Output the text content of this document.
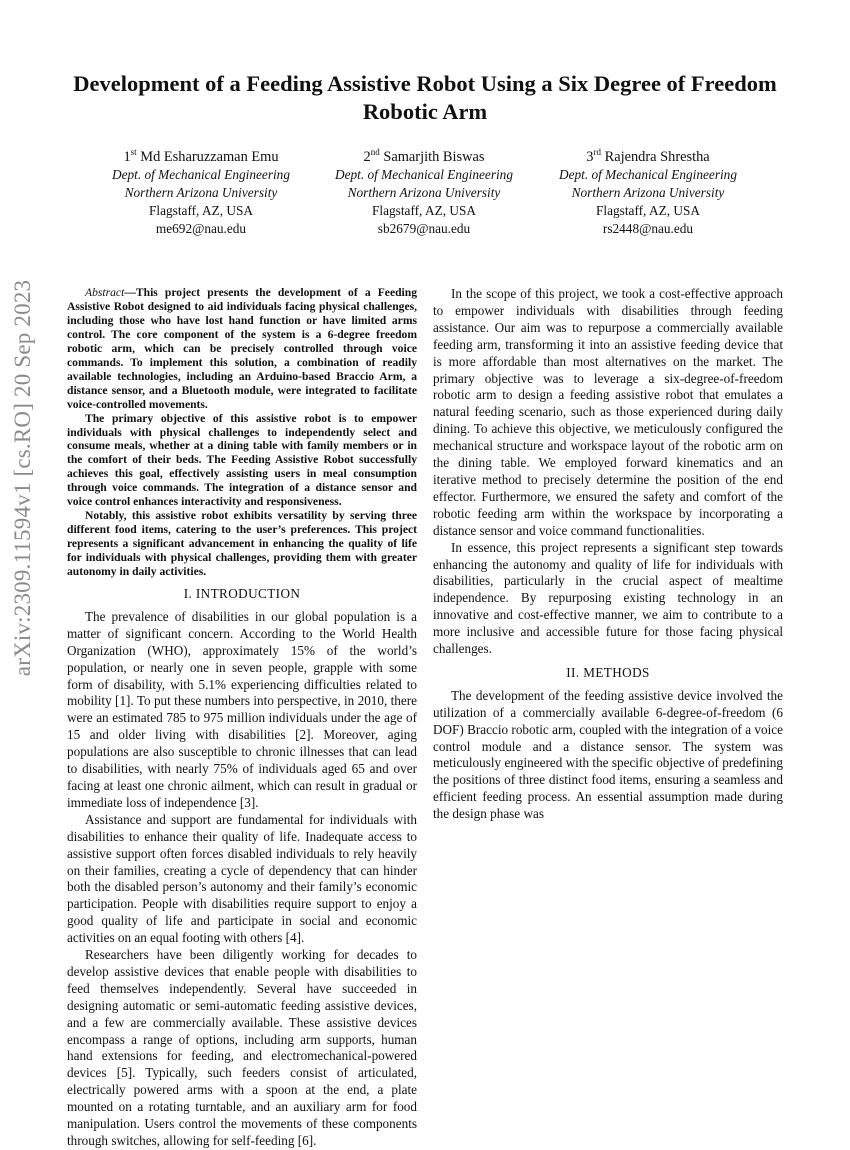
arXiv:2309.11594v1 [cs.RO] 20 Sep 2023
Development of a Feeding Assistive Robot Using a Six Degree of Freedom Robotic Arm
1st Md Esharuzzaman Emu
Dept. of Mechanical Engineering
Northern Arizona University
Flagstaff, AZ, USA
me692@nau.edu
2nd Samarjith Biswas
Dept. of Mechanical Engineering
Northern Arizona University
Flagstaff, AZ, USA
sb2679@nau.edu
3rd Rajendra Shrestha
Dept. of Mechanical Engineering
Northern Arizona University
Flagstaff, AZ, USA
rs2448@nau.edu

Abstract—This project presents the development of a Feeding Assistive Robot designed to aid individuals facing physical challenges, including those who have lost hand function or have limited arms control. The core component of the system is a 6-degree freedom robotic arm, which can be precisely controlled through voice commands. To implement this solution, a combination of readily available technologies, including an Arduino-based Braccio Arm, a distance sensor, and a Bluetooth module, were integrated to facilitate voice-controlled movements.

The primary objective of this assistive robot is to empower individuals with physical challenges to independently select and consume meals, whether at a dining table with family members or in the comfort of their beds. The Feeding Assistive Robot successfully achieves this goal, effectively assisting users in meal consumption through voice commands. The integration of a distance sensor and voice control enhances interactivity and responsiveness.

Notably, this assistive robot exhibits versatility by serving three different food items, catering to the user’s preferences. This project represents a significant advancement in enhancing the quality of life for individuals with physical challenges, providing them with greater autonomy in daily activities.

I. INTRODUCTION

The prevalence of disabilities in our global population is a matter of significant concern. According to the World Health Organization (WHO), approximately 15% of the world’s population, or nearly one in seven people, grapple with some form of disability, with 5.1% experiencing difficulties related to mobility [1]. To put these numbers into perspective, in 2010, there were an estimated 785 to 975 million individuals under the age of 15 and older living with disabilities [2]. Moreover, aging populations are also susceptible to chronic illnesses that can lead to disabilities, with nearly 75% of individuals aged 65 and over facing at least one chronic ailment, which can result in gradual or immediate loss of independence [3].

Assistance and support are fundamental for individuals with disabilities to enhance their quality of life. Inadequate access to assistive support often forces disabled individuals to rely heavily on their families, creating a cycle of dependency that can hinder both the disabled person’s autonomy and their family’s economic participation. People with disabilities require support to enjoy a good quality of life and participate in social and economic activities on an equal footing with others [4].

Researchers have been diligently working for decades to develop assistive devices that enable people with disabilities to feed themselves independently. Several have succeeded in designing automatic or semi-automatic feeding assistive devices, and a few are commercially available. These assistive devices encompass a range of options, including arm supports, human hand extensions for feeding, and electromechanical-powered devices [5]. Typically, such feeders consist of articulated, electrically powered arms with a spoon at the end, a plate mounted on a rotating turntable, and an auxiliary arm for food manipulation. Users control the movements of these components through switches, allowing for self-feeding [6].

In the scope of this project, we took a cost-effective approach to empower individuals with disabilities through feeding assistance. Our aim was to repurpose a commercially available feeding arm, transforming it into an assistive feeding device that is more affordable than most alternatives on the market. The primary objective was to leverage a six-degree-of-freedom robotic arm to design a feeding assistive robot that emulates a natural feeding scenario, such as those experienced during daily dining. To achieve this objective, we meticulously configured the mechanical structure and workspace layout of the robotic arm on the dining table. We employed forward kinematics and an iterative method to precisely determine the position of the end effector. Furthermore, we ensured the safety and comfort of the robotic feeding arm within the workspace by incorporating a distance sensor and voice command functionalities.

In essence, this project represents a significant step towards enhancing the autonomy and quality of life for individuals with disabilities, particularly in the crucial aspect of mealtime independence. By repurposing existing technology in an innovative and cost-effective manner, we aim to contribute to a more inclusive and accessible future for those facing physical challenges.

II. METHODS

The development of the feeding assistive device involved the utilization of a commercially available 6-degree-of-freedom (6 DOF) Braccio robotic arm, coupled with the integration of a voice control module and a distance sensor. The system was meticulously engineered with the specific objective of predefining the positions of three distinct food items, ensuring a seamless and efficient feeding process. An essential assumption made during the design phase was
